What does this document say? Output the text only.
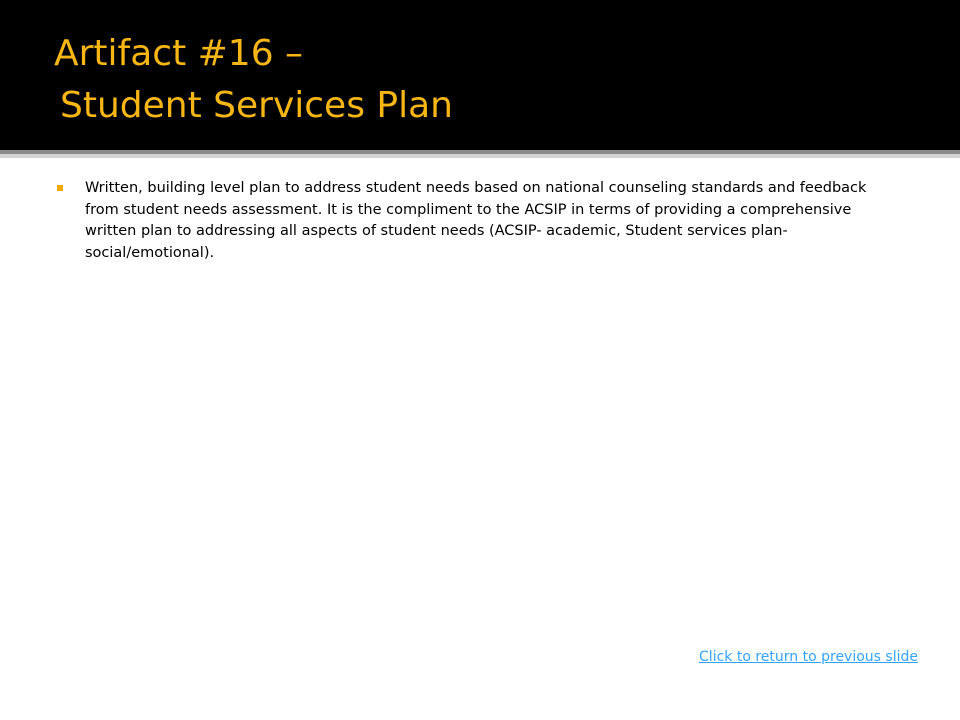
Artifact #16 –
Student Services Plan
Written, building level plan to address student needs based on national counseling standards and feedback from student needs assessment. It is the compliment to the ACSIP in terms of providing a comprehensive written plan to addressing all aspects of student needs (ACSIP- academic, Student services plan-social/emotional).
Click to return to previous slide
